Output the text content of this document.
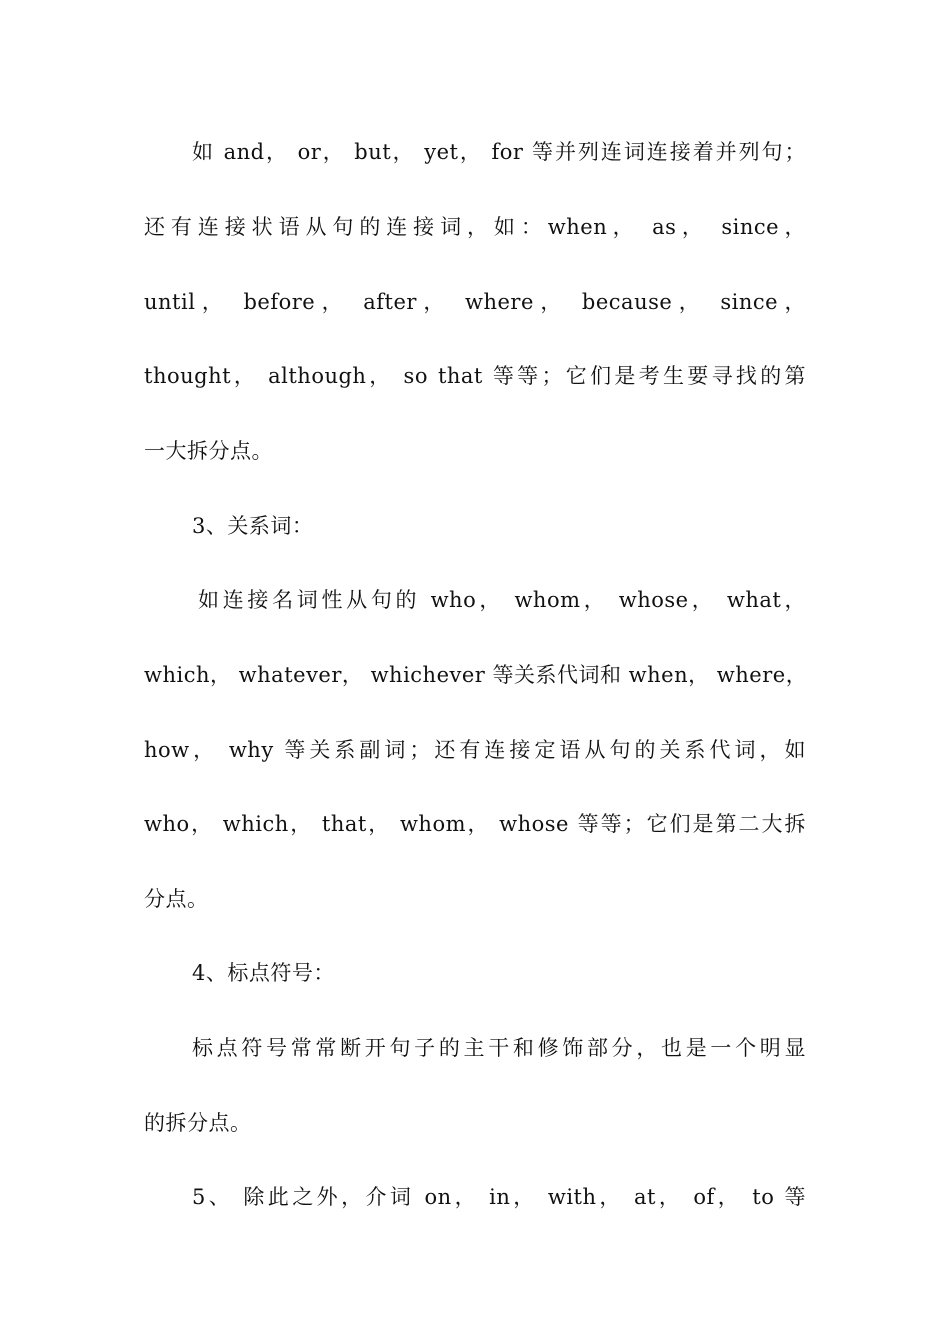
如 and， or， but， yet， for 等并列连词连接着并列句；
还有连接状语从句的连接词，如：when， as， since，
until， before， after， where， because， since，
thought， although， so that 等等；它们是考生要寻找的第
一大拆分点。
3、关系词：
如连接名词性从句的 who， whom， whose， what，
which， whatever， whichever 等关系代词和 when， where，
how， why 等关系副词；还有连接定语从句的关系代词，如
who， which， that， whom， whose 等等；它们是第二大拆
分点。
4、标点符号：
标点符号常常断开句子的主干和修饰部分，也是一个明显
的拆分点。
5、 除此之外，介词 on， in， with， at， of， to 等
